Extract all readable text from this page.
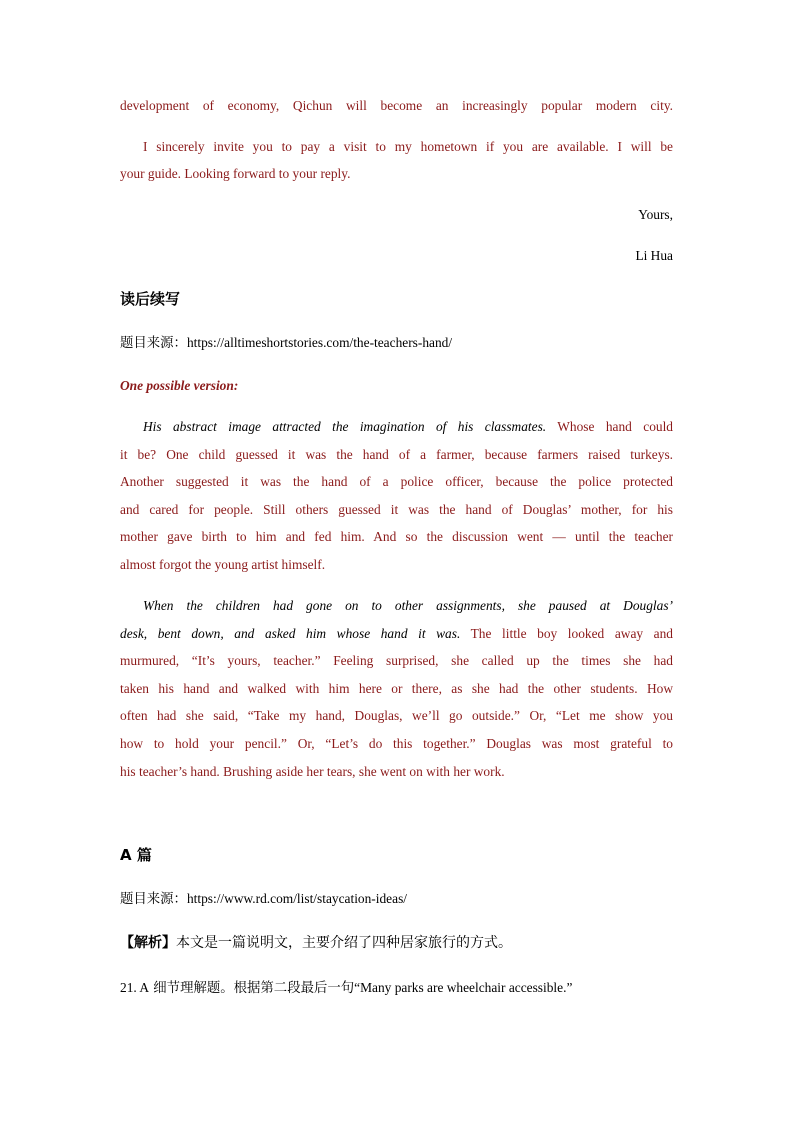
development of economy, Qichun will become an increasingly popular modern city.
I sincerely invite you to pay a visit to my hometown if you are available. I will be
your guide. Looking forward to your reply.
Yours,
Li Hua
读后续写
题目来源：https://alltimeshortstories.com/the-teachers-hand/
One possible version:
His abstract image attracted the imagination of his classmates. Whose hand could
it be? One child guessed it was the hand of a farmer, because farmers raised turkeys.
Another suggested it was the hand of a police officer, because the police protected
and cared for people. Still others guessed it was the hand of Douglas’ mother, for his
mother gave birth to him and fed him. And so the discussion went — until the teacher
almost forgot the young artist himself.
When the children had gone on to other assignments, she paused at Douglas’
desk, bent down, and asked him whose hand it was. The little boy looked away and
murmured, “It’s yours, teacher.” Feeling surprised, she called up the times she had
taken his hand and walked with him here or there, as she had the other students. How
often had she said, “Take my hand, Douglas, we’ll go outside.” Or, “Let me show you
how to hold your pencil.” Or, “Let’s do this together.” Douglas was most grateful to
his teacher’s hand. Brushing aside her tears, she went on with her work.
A 篇
题目来源：https://www.rd.com/list/staycation-ideas/
【解析】本文是一篇说明文，主要介绍了四种居家旅行的方式。
21. A 细节理解题。根据第二段最后一句“Many parks are wheelchair accessible.”
